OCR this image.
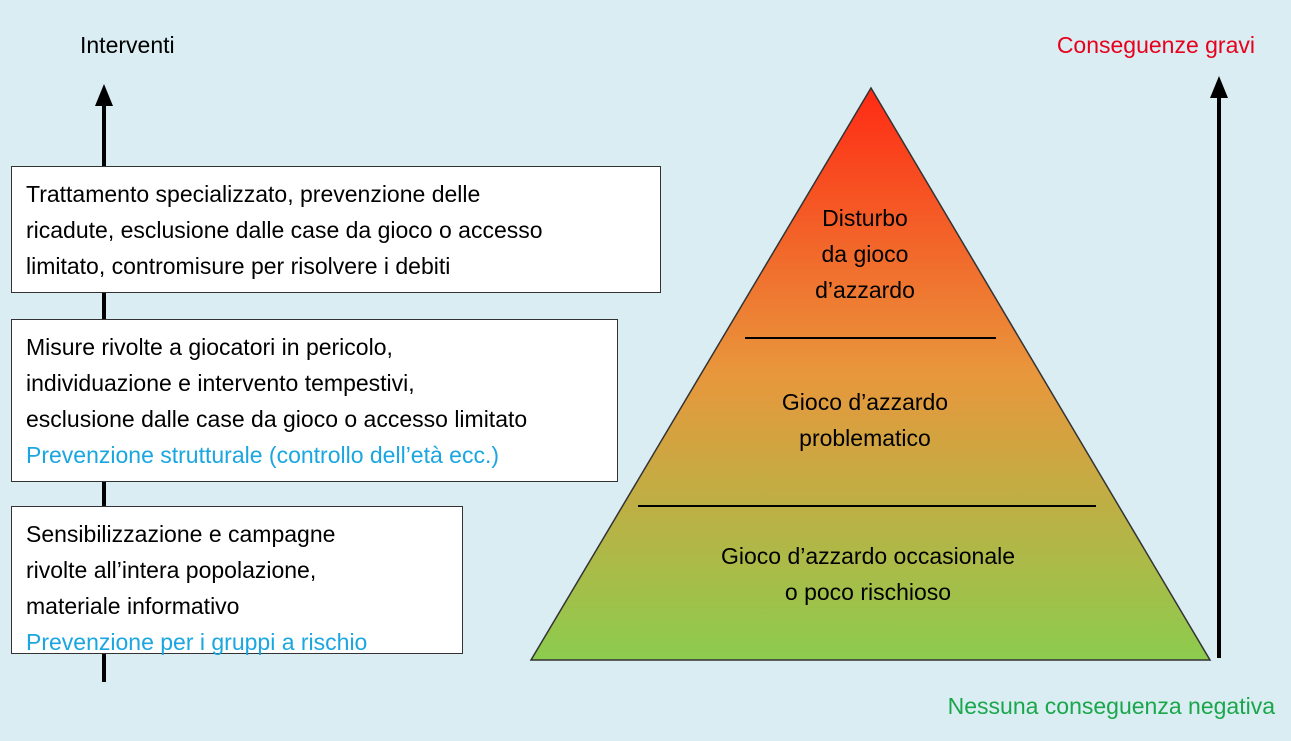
Interventi	Conseguenze gravi
Nessuna conseguenza negativa
Trattamento specializzato, prevenzione delle
ricadute, esclusione dalle case da gioco o accesso
limitato, contromisure per risolvere i debiti
Misure rivolte a giocatori in pericolo,
individuazione e intervento tempestivi,
esclusione dalle case da gioco o accesso limitato
Prevenzione strutturale (controllo dell’età ecc.)
Sensibilizzazione e campagne
rivolte all’intera popolazione,
materiale informativo
Prevenzione per i gruppi a rischio
Disturbo
da gioco
d’azzardo
Gioco d’azzardo
problematico
Gioco d’azzardo occasionale
o poco rischioso
